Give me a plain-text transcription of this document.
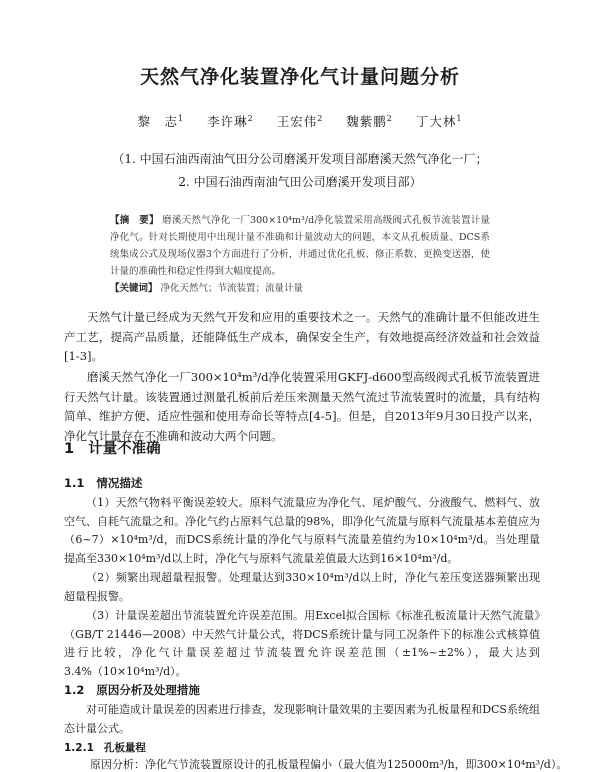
天然气净化装置净化气计量问题分析
黎　志$^1$ 李许琳$^2$ 王宏伟$^2$ 魏紫鹏$^2$ 丁大林$^1$
（1. 中国石油西南油气田分公司磨溪开发项目部磨溪天然气净化一厂；
2. 中国石油西南油气田公司磨溪开发项目部）
【摘　要】 磨溪天然气净化一厂300×10⁴m³/d净化装置采用高级阀式孔板节流装置计量净化气。针对长期使用中出现计量不准确和计量波动大的问题，本文从孔板质量、DCS系统集成公式及现场仪器3个方面进行了分析，并通过优化孔板、修正系数、更换变送器，使计量的准确性和稳定性得到大幅度提高。
【关键词】 净化天然气；节流装置；流量计量
天然气计量已经成为天然气开发和应用的重要技术之一。天然气的准确计量不但能改进生产工艺，提高产品质量，还能降低生产成本，确保安全生产，有效地提高经济效益和社会效益[1-3]。
磨溪天然气净化一厂300×10⁴m³/d净化装置采用GKFJ-d600型高级阀式孔板节流装置进行天然气计量。该装置通过测量孔板前后差压来测量天然气流过节流装置时的流量，具有结构简单、维护方便、适应性强和使用寿命长等特点[4-5]。但是，自2013年9月30日投产以来，净化气计量存在不准确和波动大两个问题。
1 计量不准确
1.1 情况描述
（1）天然气物料平衡误差较大。原料气流量应为净化气、尾炉酸气、分液酸气、燃料气、放空气、自耗气流量之和。净化气约占原料气总量的98%，即净化气流量与原料气流量基本差值应为（6~7）×10⁴m³/d，而DCS系统计量的净化气与原料气流量差值约为10×10⁴m³/d。当处理量提高至330×10⁴m³/d以上时，净化气与原料气流量差值最大达到16×10⁴m³/d。
（2）频繁出现超量程报警。处理量达到330×10⁴m³/d以上时，净化气差压变送器频繁出现超量程报警。
（3）计量误差超出节流装置允许误差范围。用Excel拟合国标《标准孔板流量计天然气流量》（GB/T 21446—2008）中天然气计量公式，将DCS系统计量与同工况条件下的标准公式核算值进行比较，净化气计量误差超过节流装置允许误差范围（±1%~±2%），最大达到3.4%（10×10⁴m³/d）。
1.2 原因分析及处理措施
对可能造成计量误差的因素进行排查，发现影响计量效果的主要因素为孔板量程和DCS系统组态计量公式。
1.2.1 孔板量程
原因分析：净化气节流装置原设计的孔板量程偏小（最大值为125000m³/h，即300×10⁴m³/d）。
